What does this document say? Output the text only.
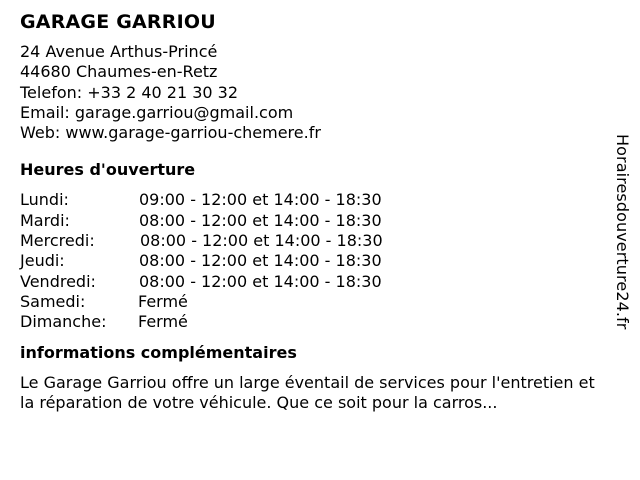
GARAGE GARRIOU
24 Avenue Arthus-Princé
44680 Chaumes-en-Retz
Telefon: +33 2 40 21 30 32
Email: garage.garriou@gmail.com
Web: www.garage-garriou-chemere.fr
Heures d'ouverture
Lundi:	09:00 - 12:00 et 14:00 - 18:30
Mardi:	08:00 - 12:00 et 14:00 - 18:30
Mercredi:	08:00 - 12:00 et 14:00 - 18:30
Jeudi:	08:00 - 12:00 et 14:00 - 18:30
Vendredi:	08:00 - 12:00 et 14:00 - 18:30
Samedi:	Fermé
Dimanche: Fermé
informations complémentaires
Le Garage Garriou offre un large éventail de services pour l'entretien et la réparation de votre véhicule. Que ce soit pour la carros...
Horairesdouverture24.fr
